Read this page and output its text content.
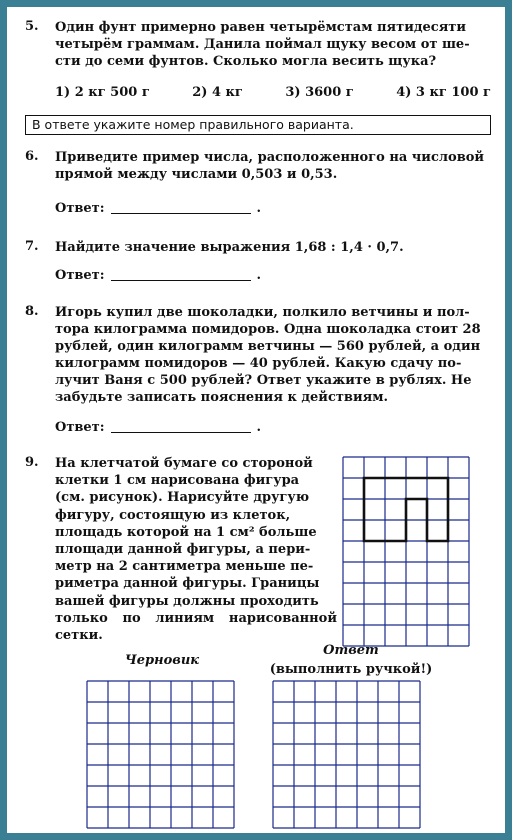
5. Один фунт примерно равен четырёмстам пятидесяти
четырём граммам. Данила поймал щуку весом от ше-
сти до семи фунтов. Сколько могла весить щука?
1) 2 кг 500 г	2) 4 кг	3) 3600 г	4) 3 кг 100 г
В ответе укажите номер правильного варианта.
6. Приведите пример числа, расположенного на числовой
прямой между числами 0,503 и 0,53.
Ответ:	.
7. Найдите значение выражения 1,68 : 1,4 · 0,7.
Ответ:	.
8. Игорь купил две шоколадки, полкило ветчины и пол-
тора килограмма помидоров. Одна шоколадка стоит 28
рублей, один килограмм ветчины — 560 рублей, а один
килограмм помидоров — 40 рублей. Какую сдачу по-
лучит Ваня с 500 рублей? Ответ укажите в рублях. Не
забудьте записать пояснения к действиям.
Ответ:	.
9. На клетчатой бумаге со стороной
клетки 1 см нарисована фигура
(см. рисунок). Нарисуйте другую
фигуру, состоящую из клеток,
площадь которой на 1 см² больше
площади данной фигуры, а пери-
метр на 2 сантиметра меньше пе-
риметра данной фигуры. Границы
вашей фигуры должны проходить
только по линиям нарисованной сетки.
Черновик
Ответ
(выполнить ручкой!)
